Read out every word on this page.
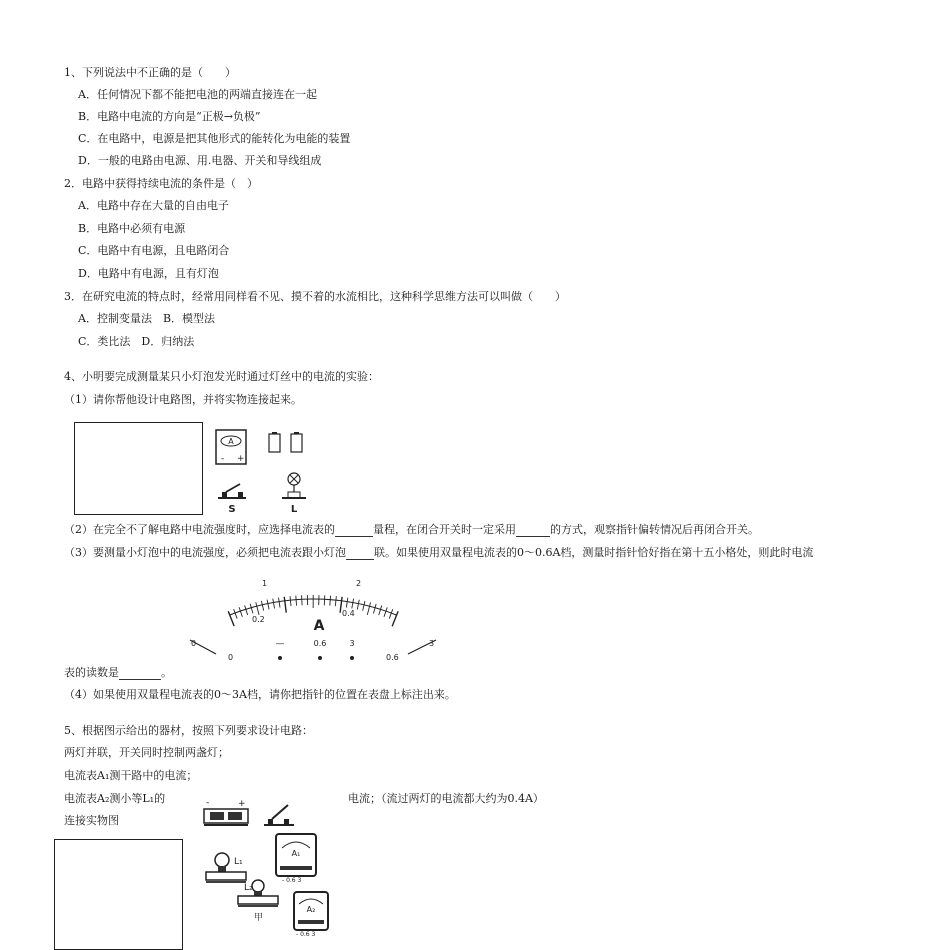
1、下列说法中不正确的是（　　）
A．任何情况下都不能把电池的两端直接连在一起
B．电路中电流的方向是“正极→负极”
C．在电路中，电源是把其他形式的能转化为电能的装置
D．一般的电路由电源、用.电器、开关和导线组成
2．电路中获得持续电流的条件是（　）
A．电路中存在大量的自由电子
B．电路中必须有电源
C．电路中有电源，且电路闭合
D．电路中有电源，且有灯泡
3．在研究电流的特点时，经常用同样看不见、摸不着的水流相比，这种科学思维方法可以叫做（　　）
A．控制变量法　B．模型法
C．类比法　D．归纳法
4、小明要完成测量某只小灯泡发光时通过灯丝中的电流的实验：
（1）请你帮他设计电路图，并将实物连接起来。
A
- +
S	L
（2）在完全不了解电路中电流强度时，应选择电流表的	量程，在闭合开关时一定采用	的方式，观察指针偏转情况后再闭合开关。
（3）要测量小灯泡中的电流强度，必须把电流表跟小灯泡	联。如果使用双量程电流表的0～0.6A档，测量时指针恰好指在第十五小格处，则此时电流
0
1	2
3
0
0.2
0.4
0.6
A
—	0.6	3
表的读数是	。
（4）如果使用双量程电流表的0～3A档，请你把指针的位置在表盘上标注出来。
5、根据图示给出的器材，按照下列要求设计电路：
两灯并联，开关同时控制两盏灯；
电流表A₁测干路中的电流；
电流表A₂测小等L₁的	电流；（流过两灯的电流都大约为0.4A）
连接实物图
-	+
L₁
A₁
- 0.6 3
L₂
甲
A₂
- 0.6 3
